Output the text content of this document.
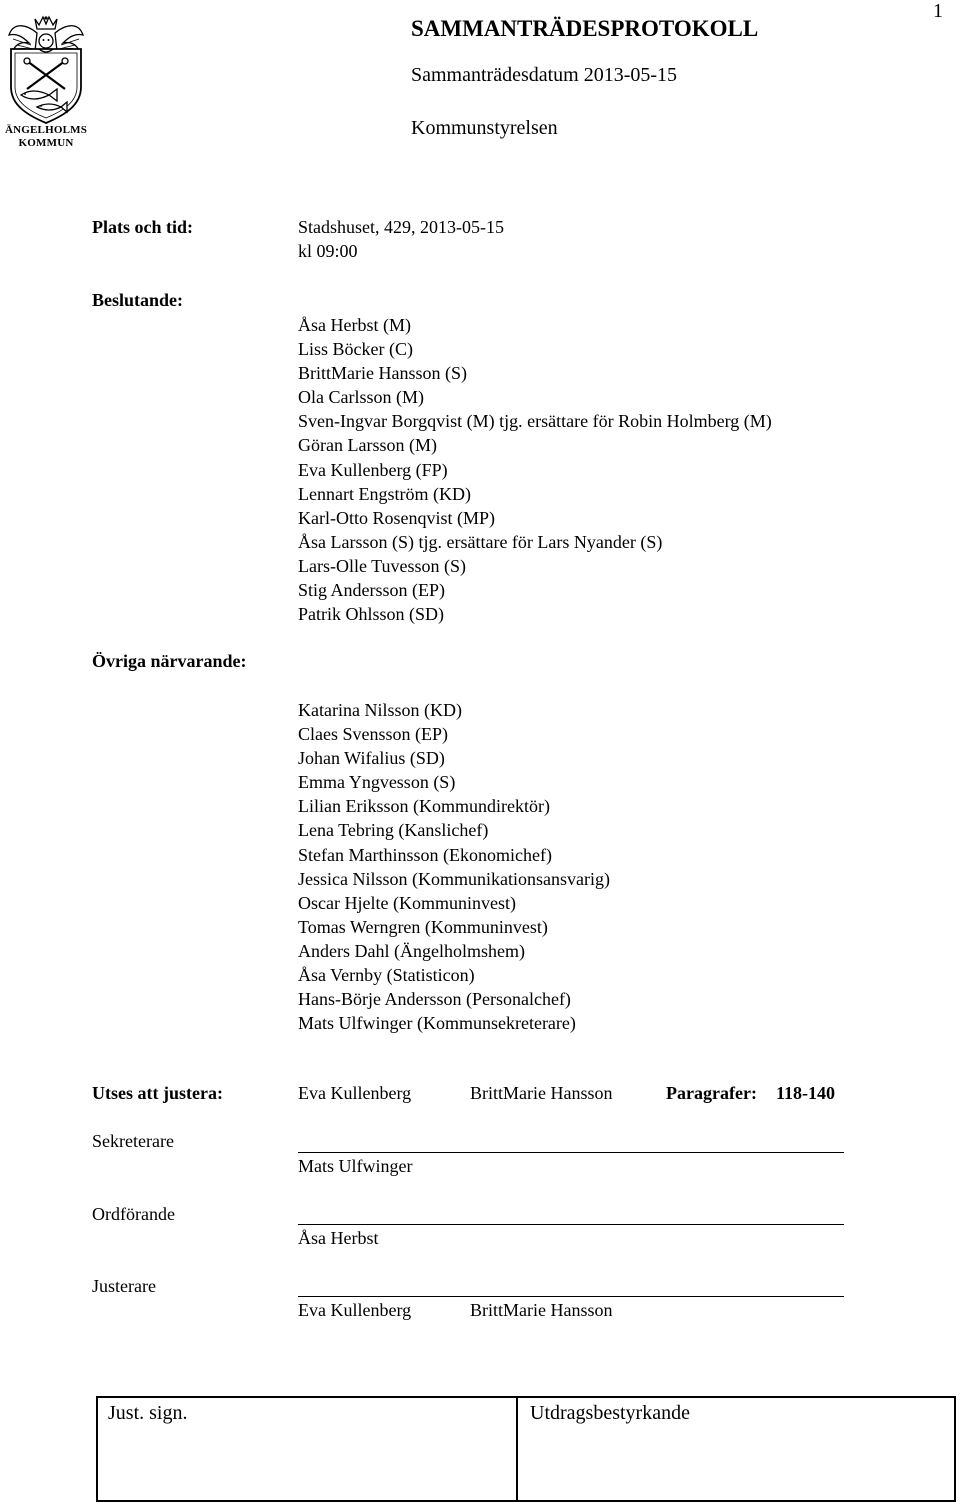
1
ÄNGELHOLMS
KOMMUN
SAMMANTRÄDESPROTOKOLL
Sammanträdesdatum 2013-05-15
Kommunstyrelsen
Plats och tid:	Stadshuset, 429, 2013-05-15
kl 09:00
Beslutande:
Åsa Herbst (M)
Liss Böcker (C)
BrittMarie Hansson (S)
Ola Carlsson (M)
Sven-Ingvar Borgqvist (M) tjg. ersättare för Robin Holmberg (M)
Göran Larsson (M)
Eva Kullenberg (FP)
Lennart Engström (KD)
Karl-Otto Rosenqvist (MP)
Åsa Larsson (S) tjg. ersättare för Lars Nyander (S)
Lars-Olle Tuvesson (S)
Stig Andersson (EP)
Patrik Ohlsson (SD)
Övriga närvarande:
Katarina Nilsson (KD)
Claes Svensson (EP)
Johan Wifalius (SD)
Emma Yngvesson (S)
Lilian Eriksson (Kommundirektör)
Lena Tebring (Kanslichef)
Stefan Marthinsson (Ekonomichef)
Jessica Nilsson (Kommunikationsansvarig)
Oscar Hjelte (Kommuninvest)
Tomas Werngren (Kommuninvest)
Anders Dahl (Ängelholmshem)
Åsa Vernby (Statisticon)
Hans-Börje Andersson (Personalchef)
Mats Ulfwinger (Kommunsekreterare)
Utses att justera:	Eva Kullenberg	BrittMarie Hansson	Paragrafer: 118-140
Sekreterare
Mats Ulfwinger
Ordförande
Åsa Herbst
Justerare
Eva Kullenberg	BrittMarie Hansson
Just. sign.	Utdragsbestyrkande
